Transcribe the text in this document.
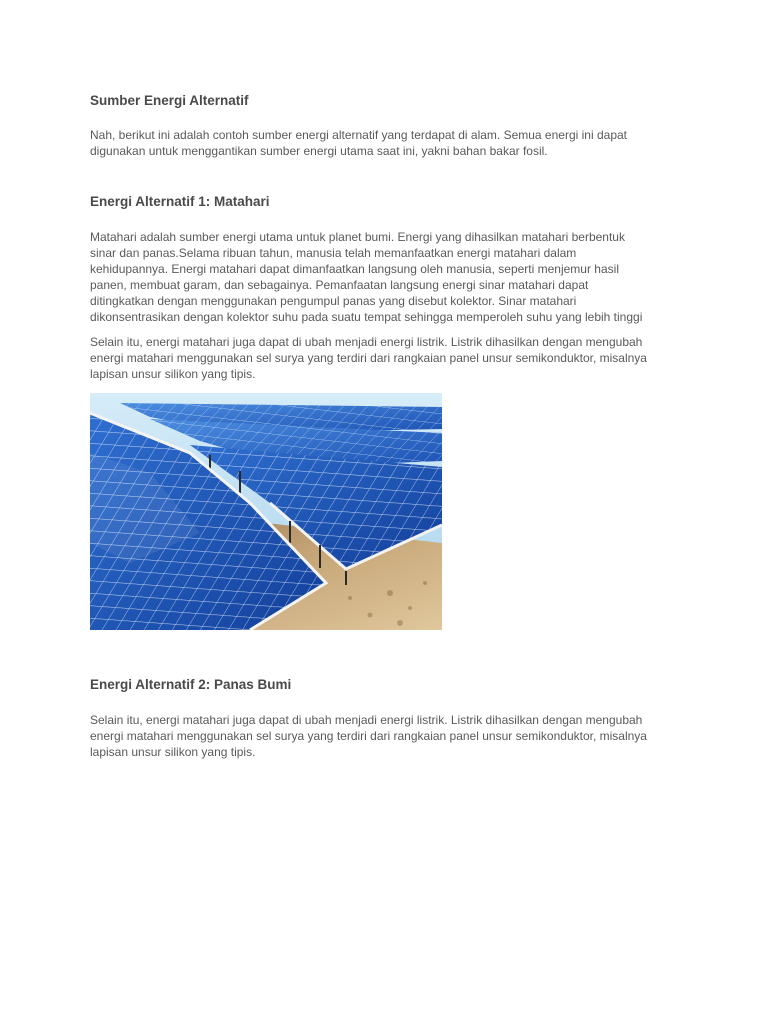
Sumber Energi Alternatif
Nah, berikut ini adalah contoh sumber energi alternatif yang terdapat di alam. Semua energi ini dapat
digunakan untuk menggantikan sumber energi utama saat ini, yakni bahan bakar fosil.
Energi Alternatif 1: Matahari
Matahari adalah sumber energi utama untuk planet bumi. Energi yang dihasilkan matahari berbentuk
sinar dan panas.Selama ribuan tahun, manusia telah memanfaatkan energi matahari dalam
kehidupannya. Energi matahari dapat dimanfaatkan langsung oleh manusia, seperti menjemur hasil
panen, membuat garam, dan sebagainya. Pemanfaatan langsung energi sinar matahari dapat
ditingkatkan dengan menggunakan pengumpul panas yang disebut kolektor. Sinar matahari
dikonsentrasikan dengan kolektor suhu pada suatu tempat sehingga memperoleh suhu yang lebih tinggi
Selain itu, energi matahari juga dapat di ubah menjadi energi listrik. Listrik dihasilkan dengan mengubah
energi matahari menggunakan sel surya yang terdiri dari rangkaian panel unsur semikonduktor, misalnya
lapisan unsur silikon yang tipis.
Energi Alternatif 2: Panas Bumi
Selain itu, energi matahari juga dapat di ubah menjadi energi listrik. Listrik dihasilkan dengan mengubah
energi matahari menggunakan sel surya yang terdiri dari rangkaian panel unsur semikonduktor, misalnya
lapisan unsur silikon yang tipis.
